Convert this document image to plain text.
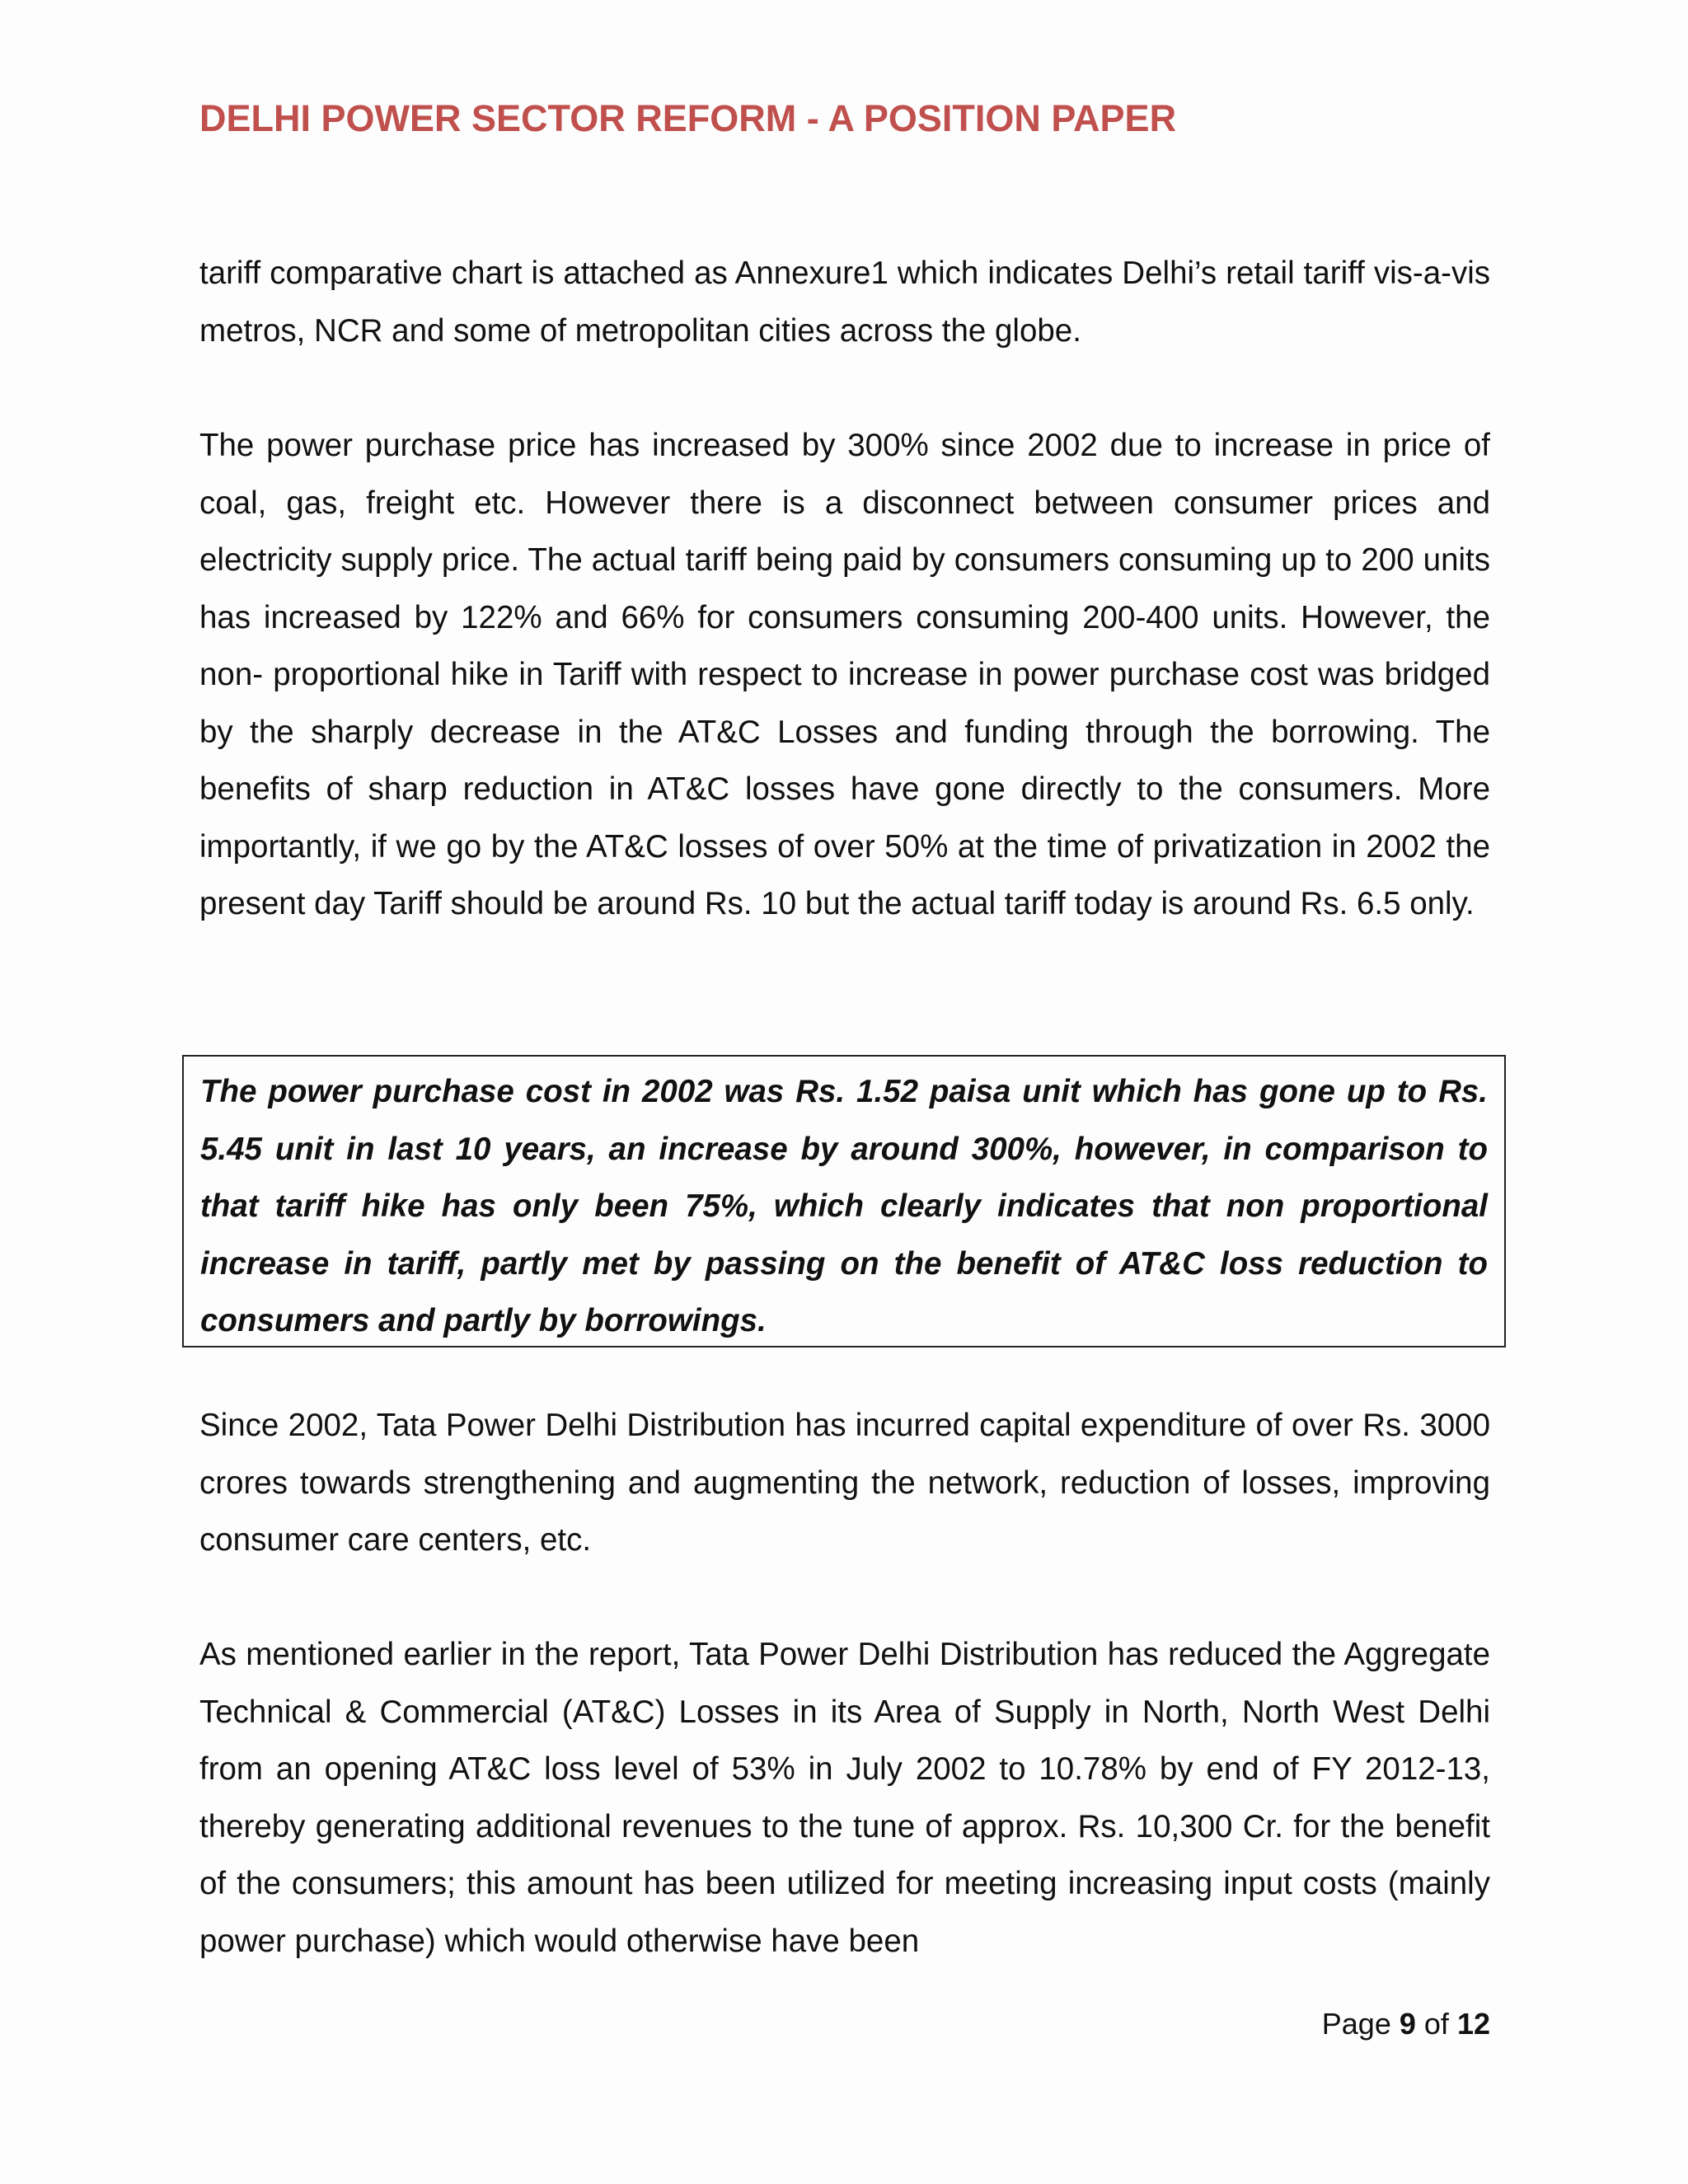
DELHI POWER SECTOR REFORM - A POSITION PAPER

tariff comparative chart is attached as Annexure1 which indicates Delhi’s retail tariff vis-a-vis metros, NCR and some of metropolitan cities across the globe.

The power purchase price has increased by 300% since 2002 due to increase in price of coal, gas, freight etc. However there is a disconnect between consumer prices and electricity supply price. The actual tariff being paid by consumers consuming up to 200 units has increased by 122% and 66% for consumers consuming 200-400 units. However, the non- proportional hike in Tariff with respect to increase in power purchase cost was bridged by the sharply decrease in the AT&C Losses and funding through the borrowing. The benefits of sharp reduction in AT&C losses have gone directly to the consumers. More importantly, if we go by the AT&C losses of over 50% at the time of privatization in 2002 the present day Tariff should be around Rs. 10 but the actual tariff today is around Rs. 6.5 only.

The power purchase cost in 2002 was Rs. 1.52 paisa unit which has gone up to Rs. 5.45 unit in last 10 years, an increase by around 300%, however, in comparison to that tariff hike has only been 75%, which clearly indicates that non proportional increase in tariff, partly met by passing on the benefit of AT&C loss reduction to consumers and partly by borrowings.

Since 2002, Tata Power Delhi Distribution has incurred capital expenditure of over Rs. 3000 crores towards strengthening and augmenting the network, reduction of losses, improving consumer care centers, etc.

As mentioned earlier in the report, Tata Power Delhi Distribution has reduced the Aggregate Technical & Commercial (AT&C) Losses in its Area of Supply in North, North West Delhi from an opening AT&C loss level of 53% in July 2002 to 10.78% by end of FY 2012-13, thereby generating additional revenues to the tune of approx. Rs. 10,300 Cr. for the benefit of the consumers; this amount has been utilized for meeting increasing input costs (mainly power purchase) which would otherwise have been

Page 9 of 12
